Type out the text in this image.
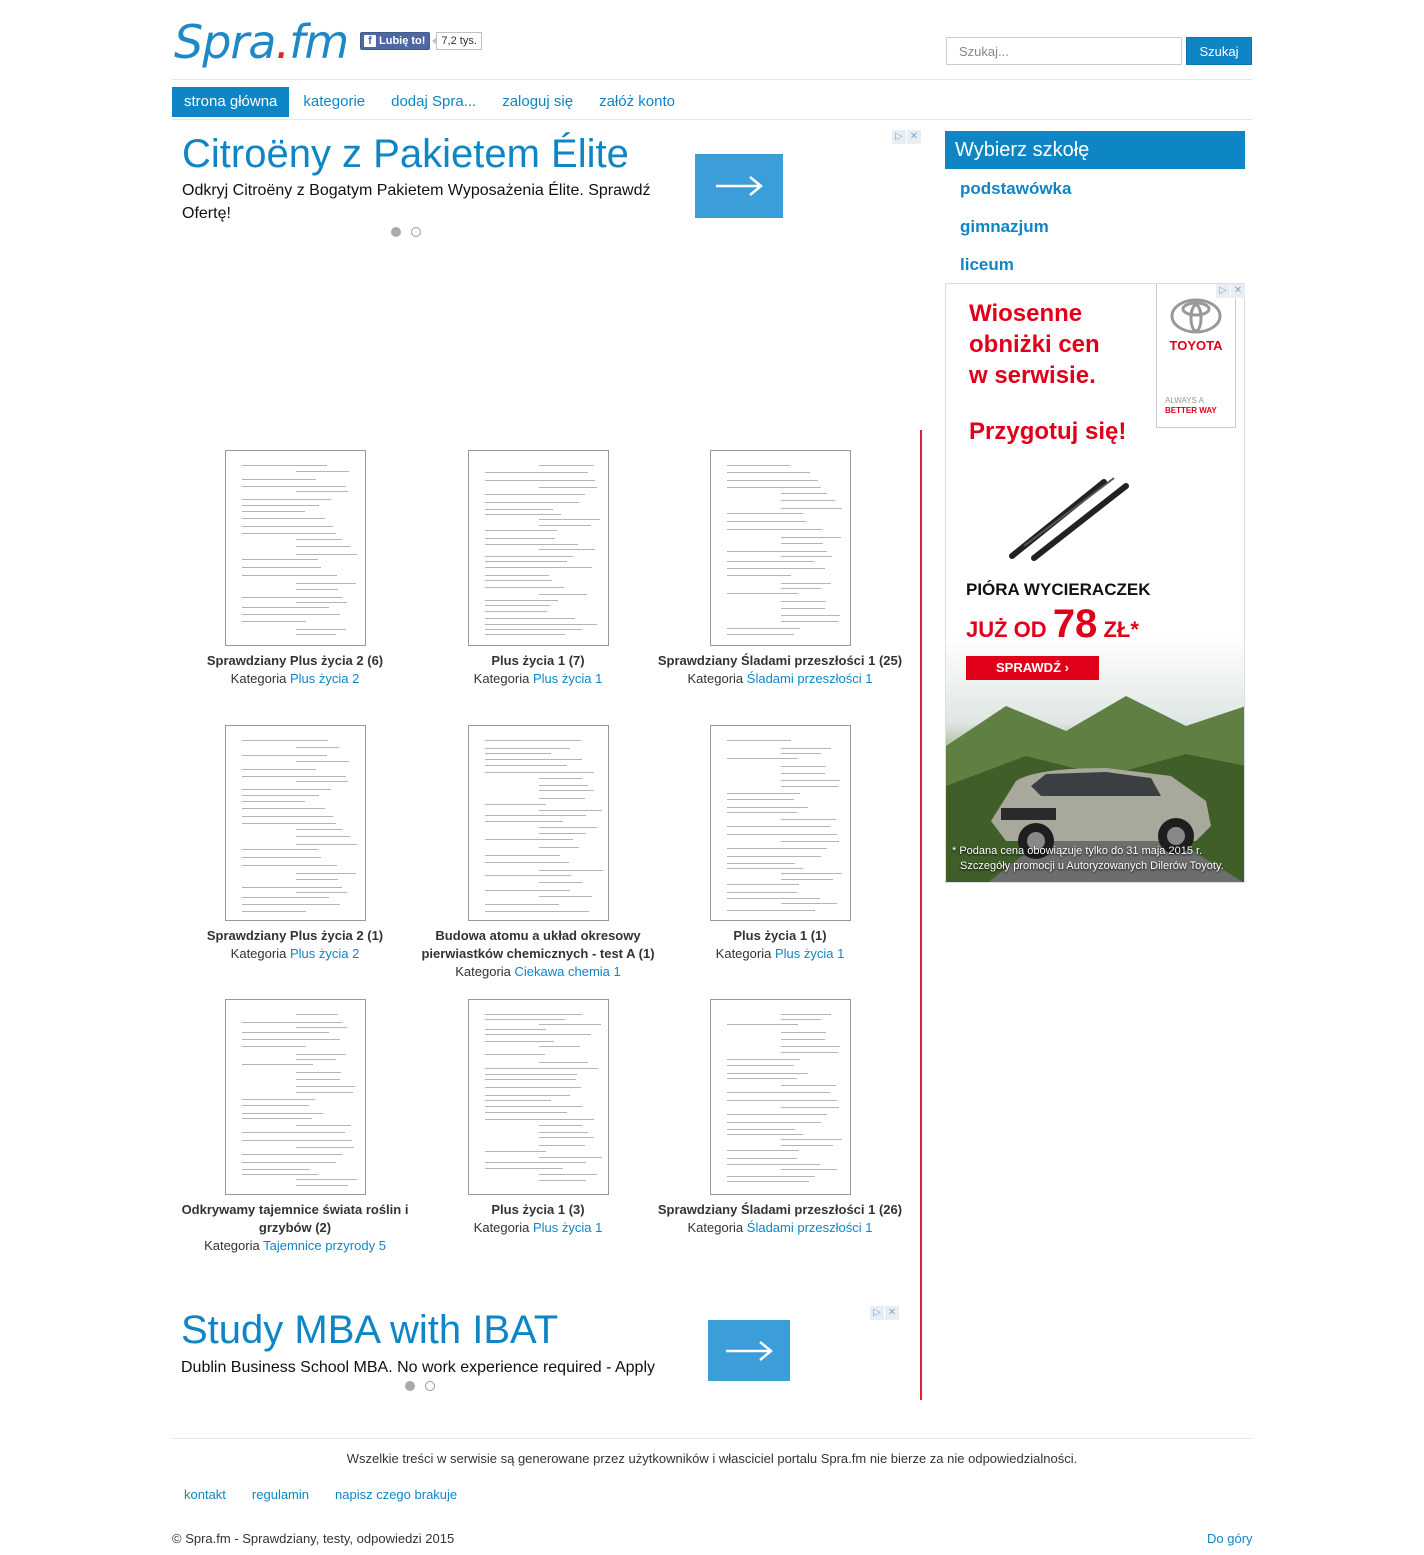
Spra.fm	f Lubię to!	7,2 tys.
Szukaj...
Szukaj
strona główna	kategorie	dodaj Spra...	zaloguj się	załóż konto
Citroëny z Pakietem Élite
Odkryj Citroëny z Bogatym Pakietem Wyposażenia Élite. Sprawdź Ofertę!
▷ ✕
Wybierz szkołę
podstawówka
gimnazjum
liceum
Wiosenne
obniżki cen
w serwisie.
TOYOTA
ALWAYS A
BETTER WAY
Przygotuj się!
PIÓRA WYCIERACZEK
JUŻ OD 78 ZŁ*
SPRAWDŹ ›
* Podana cena obowiązuje tylko do 31 maja 2015 r.
Szczegóły promocji u Autoryzowanych Dilerów Toyoty.
▷ ✕
Sprawdziany Plus życia 2 (6)
Kategoria Plus życia 2
Plus życia 1 (7)
Kategoria Plus życia 1
Sprawdziany Śladami przeszłości 1 (25)
Kategoria Śladami przeszłości 1
Sprawdziany Plus życia 2 (1)
Kategoria Plus życia 2
Budowa atomu a układ okresowy pierwiastków chemicznych - test A (1)
Kategoria Ciekawa chemia 1
Plus życia 1 (1)
Kategoria Plus życia 1
Odkrywamy tajemnice świata roślin i grzybów (2)
Kategoria Tajemnice przyrody 5
Plus życia 1 (3)
Kategoria Plus życia 1
Sprawdziany Śladami przeszłości 1 (26)
Kategoria Śladami przeszłości 1
Study MBA with IBAT
Dublin Business School MBA. No work experience required - Apply
▷ ✕
Wszelkie treści w serwisie są generowane przez użytkowników i własciciel portalu Spra.fm nie bierze za nie odpowiedzialności.
kontakt regulamin napisz czego brakuje
© Spra.fm - Sprawdziany, testy, odpowiedzi 2015	Do góry
